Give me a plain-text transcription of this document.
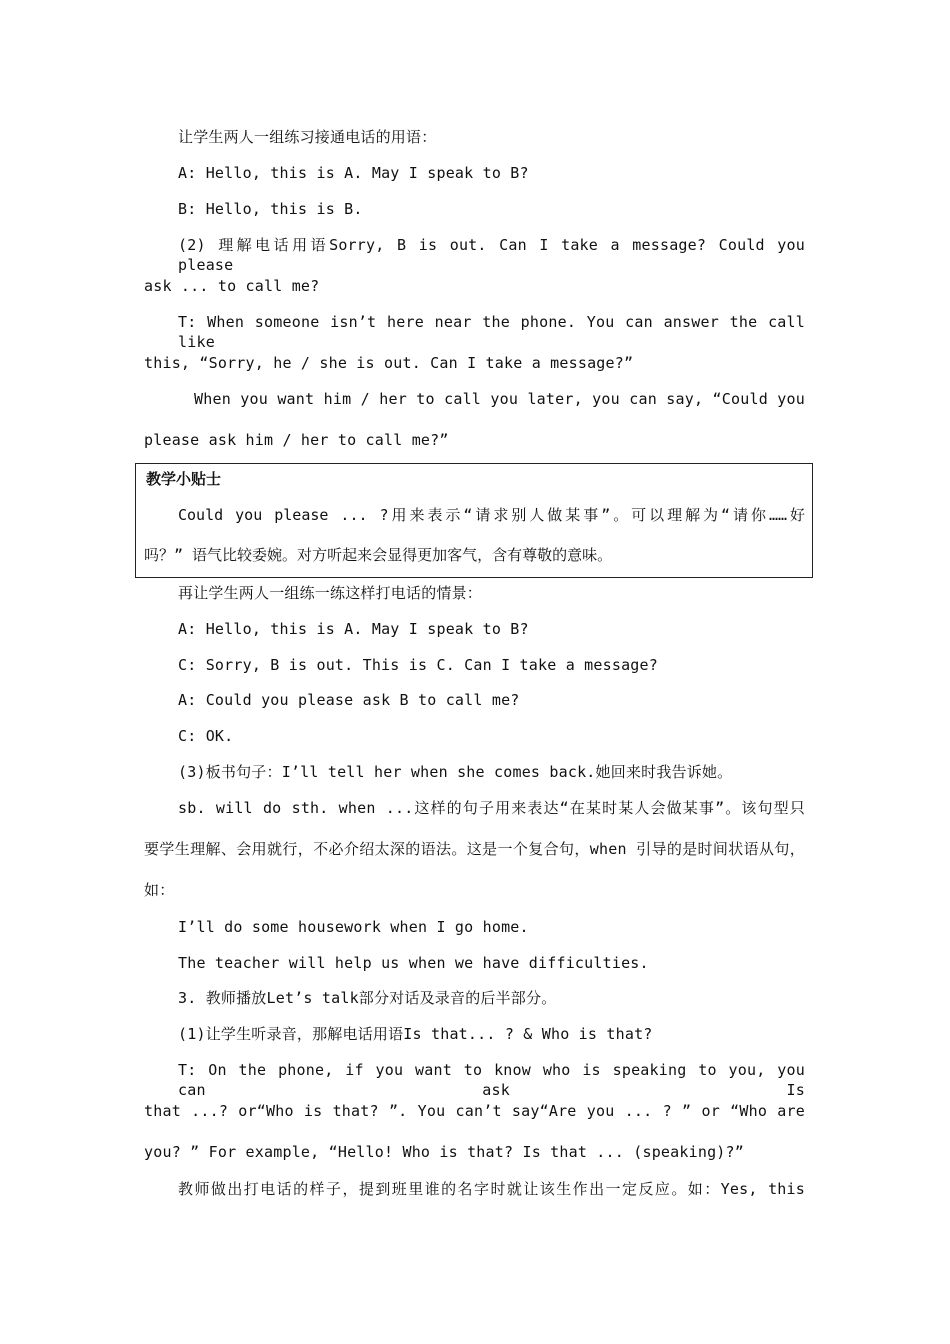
让学生两人一组练习接通电话的用语：
A: Hello, this is A. May I speak to B?
B: Hello, this is B.
(2) 理解电话用语Sorry, B is out. Can I take a message? Could you please
ask ... to call me?
T: When someone isn’t here near the phone. You can answer the call like
this, “Sorry, he / she is out. Can I take a message?”
When you want him / her to call you later, you can say, “Could you
please ask him / her to call me?”
教学小贴士
Could you please ... ?用来表示“请求别人做某事”。可以理解为“请你……好
吗？” 语气比较委婉。对方听起来会显得更加客气，含有尊敬的意味。
再让学生两人一组练一练这样打电话的情景：
A: Hello, this is A. May I speak to B?
C: Sorry, B is out. This is C. Can I take a message?
A: Could you please ask B to call me?
C: OK.
(3)板书句子：I’ll tell her when she comes back.她回来时我告诉她。
sb. will do sth. when ...这样的句子用来表达“在某时某人会做某事”。该句型只
要学生理解、会用就行，不必介绍太深的语法。这是一个复合句，when 引导的是时间状语从句，
如：
I’ll do some housework when I go home.
The teacher will help us when we have difficulties.
3. 教师播放Let’s talk部分对话及录音的后半部分。
(1)让学生听录音，那解电话用语Is that... ? & Who is that?
T: On the phone, if you want to know who is speaking to you, you can ask Is
that ...? or“Who is that? ”. You can’t say“Are you ... ? ” or “Who are
you? ” For example, “Hello! Who is that? Is that ... (speaking)?”
教师做出打电话的样子，提到班里谁的名字时就让该生作出一定反应。如：Yes, this
